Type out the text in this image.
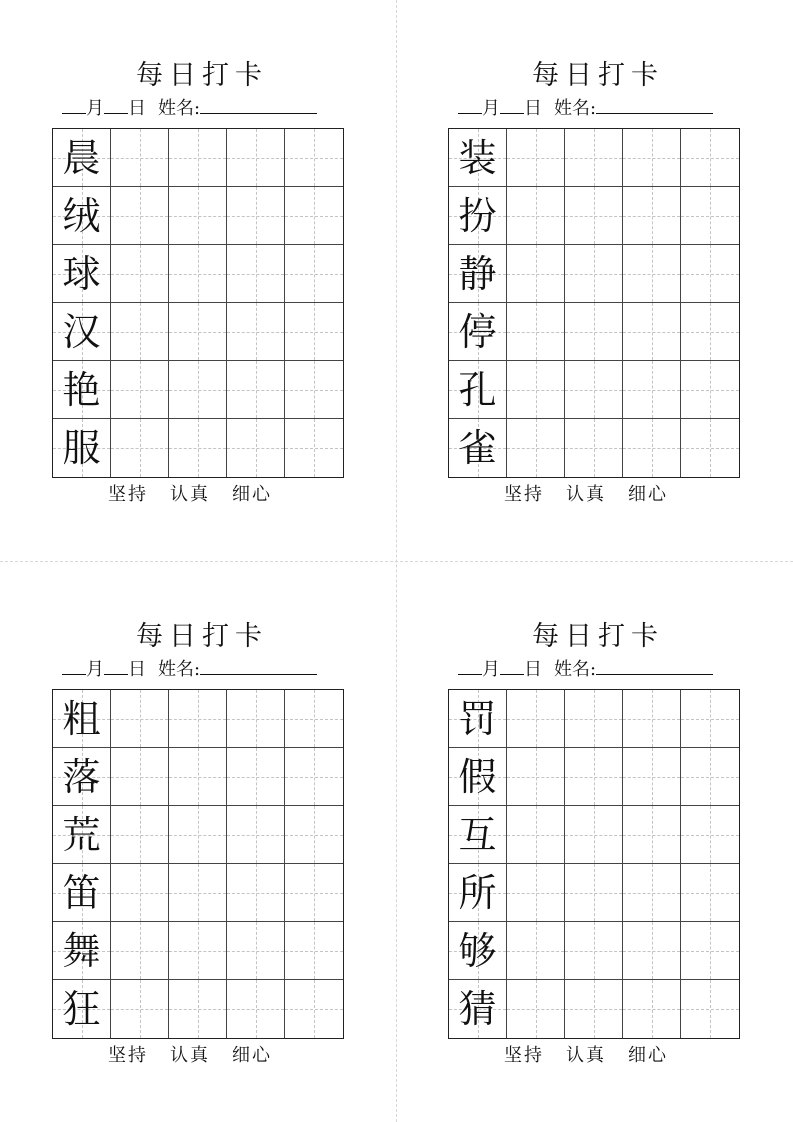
每日打卡
月 日 姓名:
晨
绒
球
汉
艳
服
坚持 认真 细心
每日打卡
月 日 姓名:
装
扮
静
停
孔
雀
坚持 认真 细心
每日打卡
月 日 姓名:
粗
落
荒
笛
舞
狂
坚持 认真 细心
每日打卡
月 日 姓名:
罚
假
互
所
够
猜
坚持 认真 细心
